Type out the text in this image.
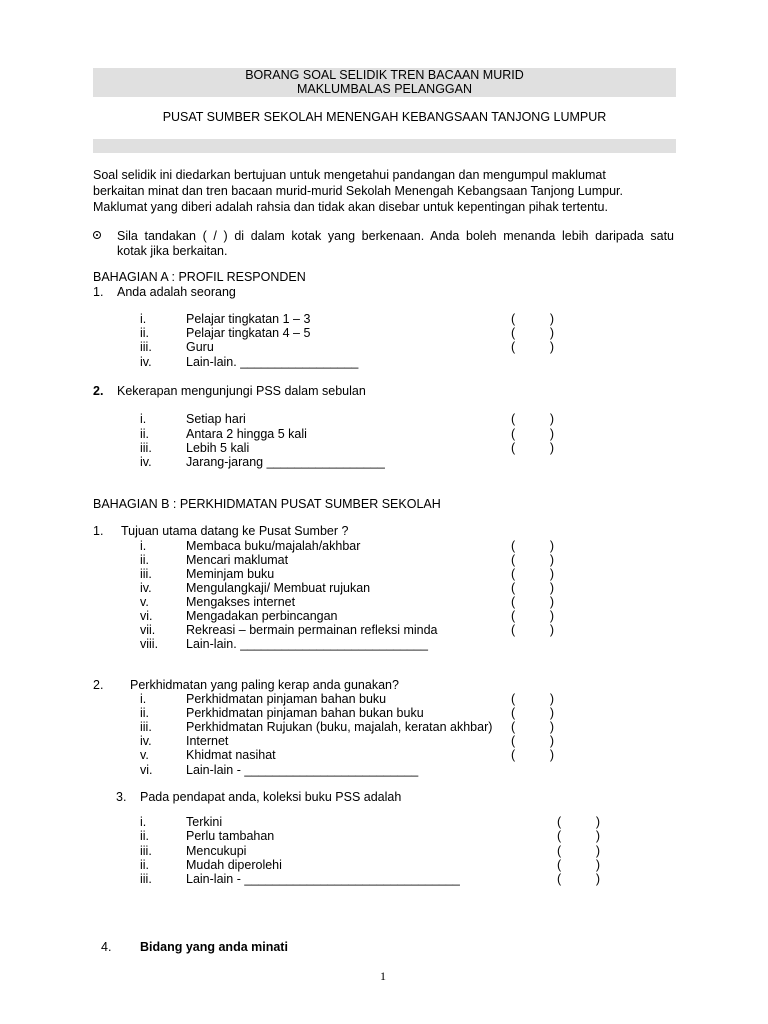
BORANG SOAL SELIDIK TREN BACAAN MURID
MAKLUMBALAS PELANGGAN
PUSAT SUMBER SEKOLAH MENENGAH KEBANGSAAN TANJONG LUMPUR
Soal selidik ini diedarkan bertujuan untuk mengetahui pandangan dan mengumpul maklumat
berkaitan minat dan tren bacaan murid-murid Sekolah Menengah Kebangsaan Tanjong Lumpur.
Maklumat yang diberi adalah rahsia dan tidak akan disebar untuk kepentingan pihak tertentu.
Sila tandakan ( / ) di dalam kotak yang berkenaan. Anda boleh menanda lebih daripada satu
kotak jika berkaitan.
BAHAGIAN A : PROFIL RESPONDEN
1. Anda adalah seorang
i.	Pelajar tingkatan 1 – 3	(          )
ii.	Pelajar tingkatan 4 – 5	(          )
iii.	Guru	(          )
iv.	Lain-lain. _________________
2. Kekerapan mengunjungi PSS dalam sebulan
i.	Setiap hari	(          )
ii.	Antara 2 hingga 5 kali	(          )
iii.	Lebih 5 kali	(          )
iv.	Jarang-jarang _________________
BAHAGIAN B : PERKHIDMATAN PUSAT SUMBER SEKOLAH
1. Tujuan utama datang ke Pusat Sumber ?
i.	Membaca buku/majalah/akhbar	(          )
ii.	Mencari maklumat	(          )
iii.	Meminjam buku	(          )
iv.	Mengulangkaji/ Membuat rujukan	(          )
v.	Mengakses internet	(          )
vi.	Mengadakan perbincangan	(          )
vii. Rekreasi – bermain permainan refleksi minda	(          )
viii. Lain-lain. ___________________________
2. Perkhidmatan yang paling kerap anda gunakan?
i.	Perkhidmatan pinjaman bahan buku	(          )
ii.	Perkhidmatan pinjaman bahan bukan buku	(          )
iii.	Perkhidmatan Rujukan (buku, majalah, keratan akhbar) (          )
iv.	Internet	(          )
v.	Khidmat nasihat	(          )
vi.	Lain-lain - _________________________
3. Pada pendapat anda, koleksi buku PSS adalah
i.	Terkini	(          )
ii.	Perlu tambahan	(          )
iii.	Mencukupi	(          )
ii.	Mudah diperolehi	(          )
iii.	Lain-lain - _______________________________	(          )
4. Bidang yang anda minati
1
